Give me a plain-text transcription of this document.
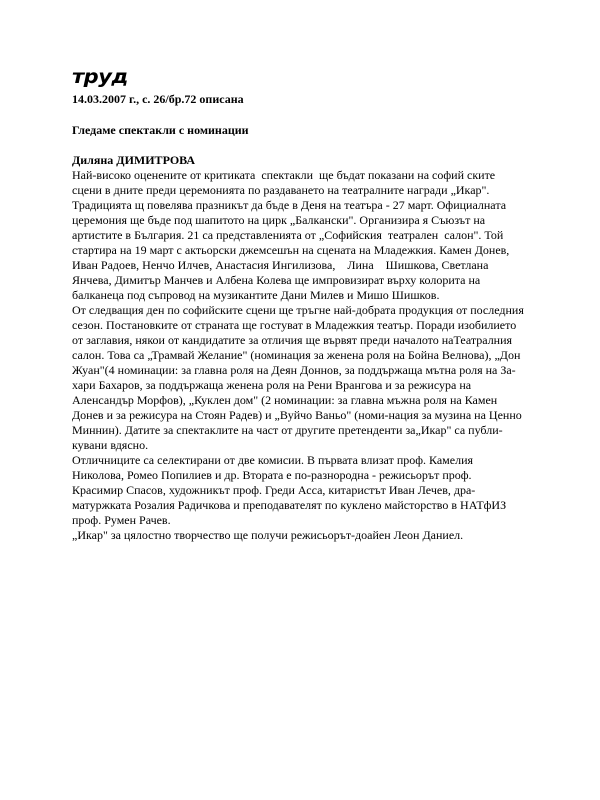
труд

14.03.2007 г., с. 26/бр.72 описана

Гледаме спектакли с номинации
Диляна ДИМИТРОВА
Най-високо оценените от критиката  спектакли  ще бъдат показани на софий ските
сцени в дните преди церемонията по раздаването на театралните награди „Икар".
Традицията щ повелява празникът да бъде в Деня на театъра - 27 март. Официалната
церемония ще бъде под шапитото на цирк „Балкански". Организира я Съюзът на
артистите в България. 21 са представленията от „Софийския  театрален  салон". Той
стартира на 19 март с актьорски джемсешън на сцената на Младежкия. Камен Донев,
Иван Радоев, Ненчо Илчев, Анастасия Ингилизова,    Лина    Шишкова, Светлана
Янчева, Димитър Манчев и Албена Колева ще импровизират върху колорита на
балканеца под съпровод на музикантите Дани Милев и Мишо Шишков.
От следващия ден по софийските сцени ще тръгне най-добрата продукция от последния
сезон. Постановките от страната ще гостуват в Младежкия театър. Поради изобилието
от заглавия, някои от кандидатите за отличия ще вървят преди началото наТеатралния
салон. Това са „Трамвай Желание" (номинация за женена роля на Бойна Велнова), „Дон
Жуан"(4 номинации: за главна роля на Деян Доннов, за поддържаща мътна роля на За-
хари Бахаров, за поддържаща женена роля на Рени Врангова и за режисура на
Аленсандър Морфов), „Куклен дом" (2 номинации: за главна мъжна роля на Камен
Донев и за режисура на Стоян Радев) и „Вуйчо Ваньо" (номи-нация за музина на Ценно
Миннин). Датите за спектаклите на част от другите претенденти за„Икар" са публи-
кувани вдясно.
Отличниците са селектирани от две комисии. В първата влизат проф. Камелия
Николова, Ромео Попилиев и др. Втората е по-разнородна - режисьорът проф.
Красимир Спасов, художникът проф. Греди Асса, китаристът Иван Лечев, дра-
матуржката Розалия Радичкова и преподавателят по куклено майсторство в НАТфИЗ
проф. Румен Рачев.
„Икар" за цялостно творчество ще получи режисьорът-доайен Леон Даниел.
